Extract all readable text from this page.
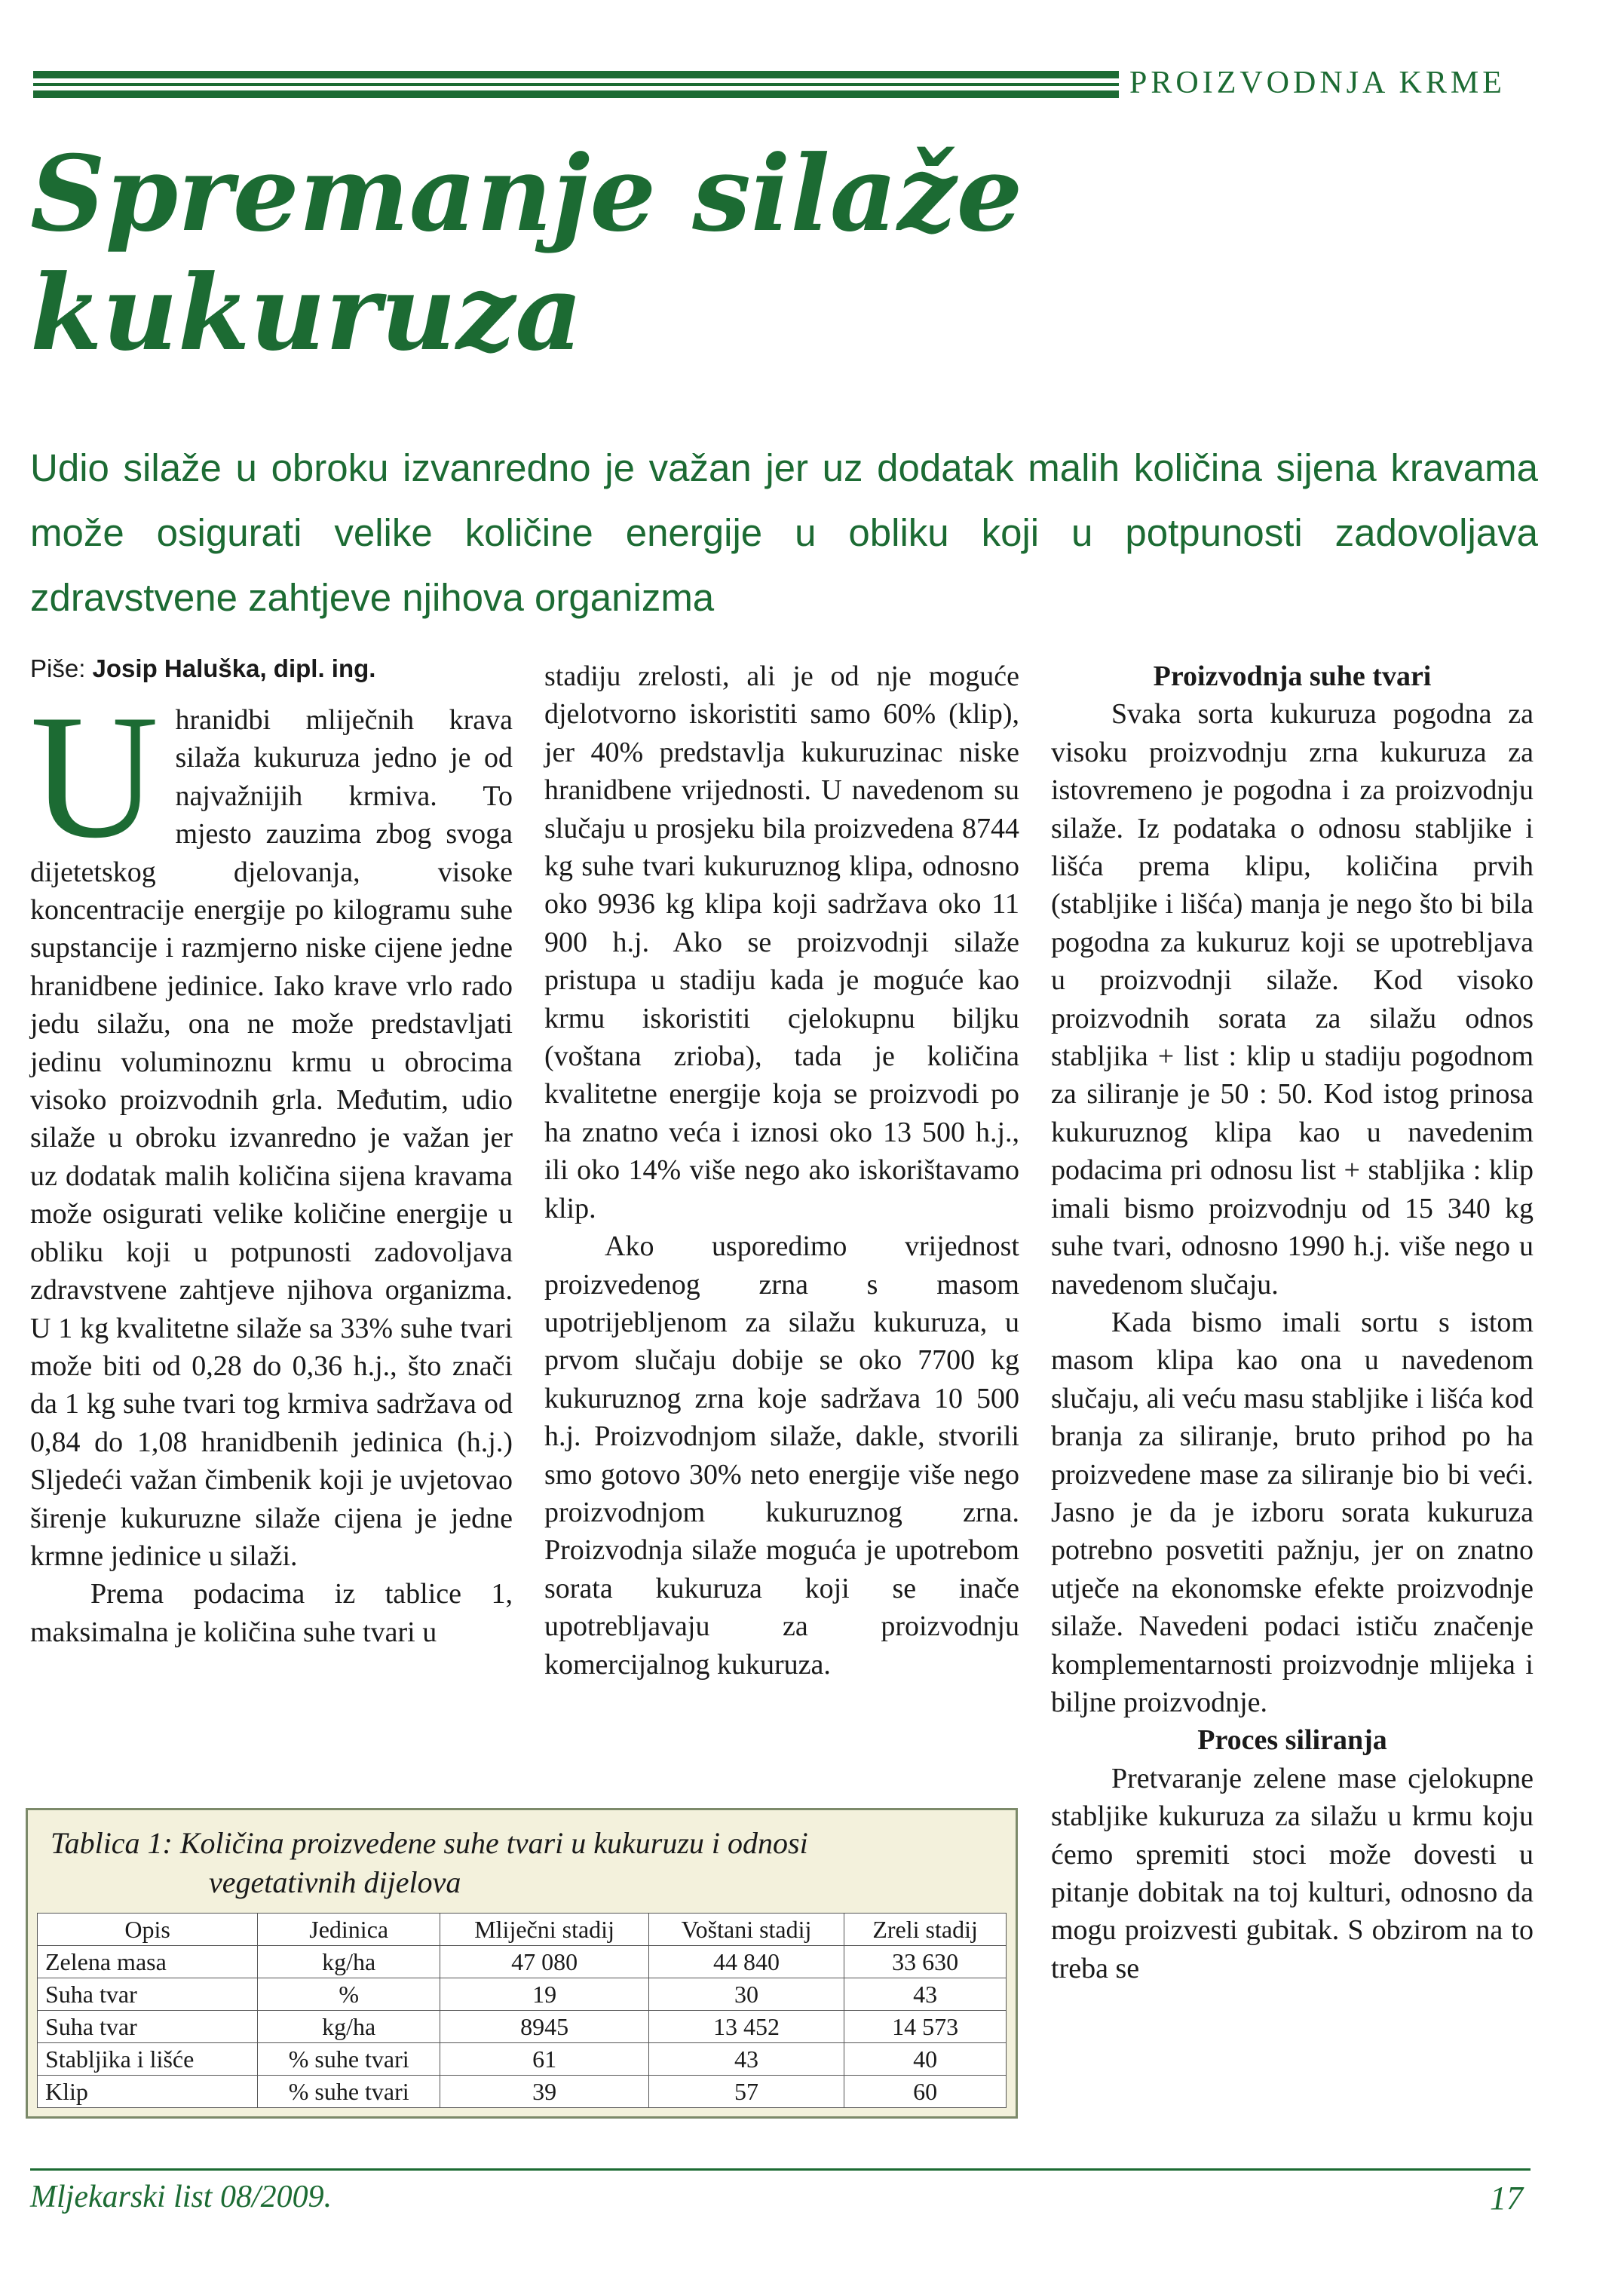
PROIZVODNJA KRME
Spremanje silaže
kukuruza

Udio silaže u obroku izvanredno je važan jer uz dodatak malih količina sijena kravama može osigurati velike količine energije u obliku koji u potpunosti zadovoljava zdravstvene zahtjeve njihova organizma

Piše: Josip Haluška, dipl. ing.
U hranidbi mliječnih krava silaža kukuruza jedno je od najvažnijih krmiva. To mjesto zauzima zbog svoga dijetetskog djelovanja, visoke koncentracije energije po kilogramu suhe supstancije i razmjerno niske cijene jedne hranidbene jedinice. Iako krave vrlo rado jedu silažu, ona ne može predstavljati jedinu voluminoznu krmu u obrocima visoko proizvodnih grla. Međutim, udio silaže u obroku izvanredno je važan jer uz dodatak malih količina sijena kravama može osigurati velike količine energije u obliku koji u potpunosti zadovoljava zdravstvene zahtjeve njihova organizma. U 1 kg kvalitetne silaže sa 33% suhe tvari može biti od 0,28 do 0,36 h.j., što znači da 1 kg suhe tvari tog krmiva sadržava od 0,84 do 1,08 hranidbenih jedinica (h.j.) Sljedeći važan čimbenik koji je uvjetovao širenje kukuruzne silaže cijena je jedne krmne jedinice u silaži.

Prema podacima iz tablice 1, maksimalna je količina suhe tvari u

stadiju zrelosti, ali je od nje moguće djelotvorno iskoristiti samo 60% (klip), jer 40% predstavlja kukuruzinac niske hranidbene vrijednosti. U navedenom su slučaju u prosjeku bila proizvedena 8744 kg suhe tvari kukuruznog klipa, odnosno oko 9936 kg klipa koji sadržava oko 11 900 h.j. Ako se proizvodnji silaže pristupa u stadiju kada je moguće kao krmu iskoristiti cjelokupnu biljku (voštana zrioba), tada je količina kvalitetne energije koja se proizvodi po ha znatno veća i iznosi oko 13 500 h.j., ili oko 14% više nego ako iskorištavamo klip.

Ako usporedimo vrijednost proizvedenog zrna s masom upotrijebljenom za silažu kukuruza, u prvom slučaju dobije se oko 7700 kg kukuruznog zrna koje sadržava 10 500 h.j. Proizvodnjom silaže, dakle, stvorili smo gotovo 30% neto energije više nego proizvodnjom kukuruznog zrna. Proizvodnja silaže moguća je upotrebom sorata kukuruza koji se inače upotrebljavaju za proizvodnju komercijalnog kukuruza.

Proizvodnja suhe tvari

Svaka sorta kukuruza pogodna za visoku proizvodnju zrna kukuruza za istovremeno je pogodna i za proizvodnju silaže. Iz podataka o odnosu stabljike i lišća prema klipu, količina prvih (stabljike i lišća) manja je nego što bi bila pogodna za kukuruz koji se upotrebljava u proizvodnji silaže. Kod visoko proizvodnih sorata za silažu odnos stabljika + list : klip u stadiju pogodnom za siliranje je 50 : 50. Kod istog prinosa kukuruznog klipa kao u navedenim podacima pri odnosu list + stabljika : klip imali bismo proizvodnju od 15 340 kg suhe tvari, odnosno 1990 h.j. više nego u navedenom slučaju.

Kada bismo imali sortu s istom masom klipa kao ona u navedenom slučaju, ali veću masu stabljike i lišća kod branja za siliranje, bruto prihod po ha proizvedene mase za siliranje bio bi veći. Jasno je da je izboru sorata kukuruza potrebno posvetiti pažnju, jer on znatno utječe na ekonomske efekte proizvodnje silaže. Navedeni podaci ističu značenje komplementarnosti proizvodnje mlijeka i biljne proizvodnje.

Proces siliranja

Pretvaranje zelene mase cjelokupne stabljike kukuruza za silažu u krmu koju ćemo spremiti stoci može dovesti u pitanje dobitak na toj kulturi, odnosno da mogu proizvesti gubitak. S obzirom na to treba se

Tablica 1: Količina proizvedene suhe tvari u kukuruzu i odnosi
vegetativnih dijelova

Opis	Jedinica	Mliječni stadij	Voštani stadij	Zreli stadij
Zelena masa	kg/ha	47 080	44 840	33 630
Suha tvar	%	19	30	43
Suha tvar	kg/ha	8945	13 452	14 573
Stabljika i lišće	% suhe tvari	61	43	40
Klip	% suhe tvari	39	57	60
Mljekarski list 08/2009.	17
